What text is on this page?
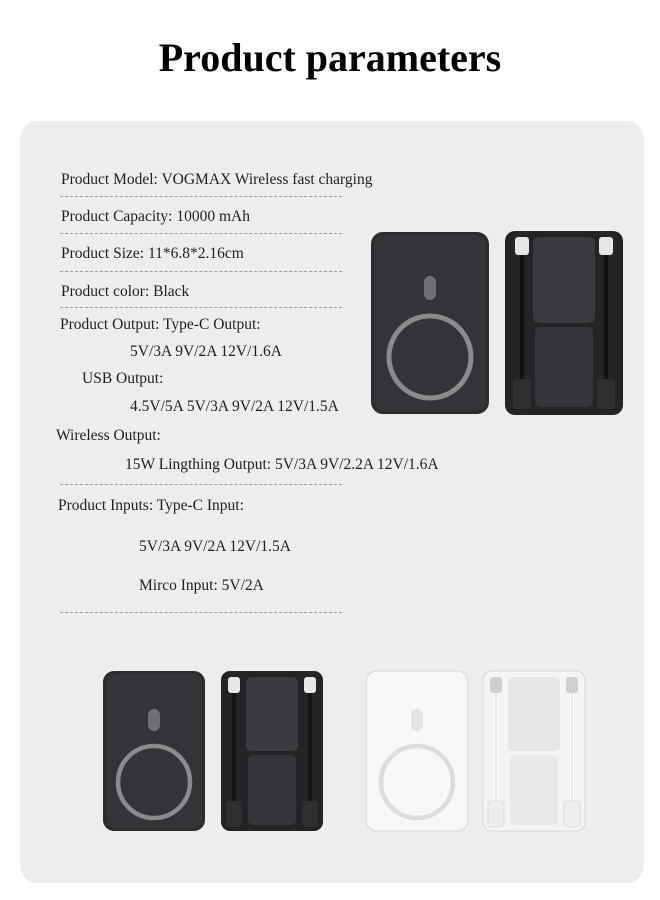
Product parameters
Product Model: VOGMAX Wireless fast charging
Product Capacity: 10000 mAh
Product Size: 11*6.8*2.16cm
Product color: Black
Product Output: Type-C Output:
5V/3A 9V/2A 12V/1.6A
USB Output:
4.5V/5A 5V/3A 9V/2A 12V/1.5A
Wireless Output:
15W Lingthing Output: 5V/3A 9V/2.2A 12V/1.6A
Product Inputs: Type-C Input:
5V/3A 9V/2A 12V/1.5A
Mirco Input: 5V/2A
